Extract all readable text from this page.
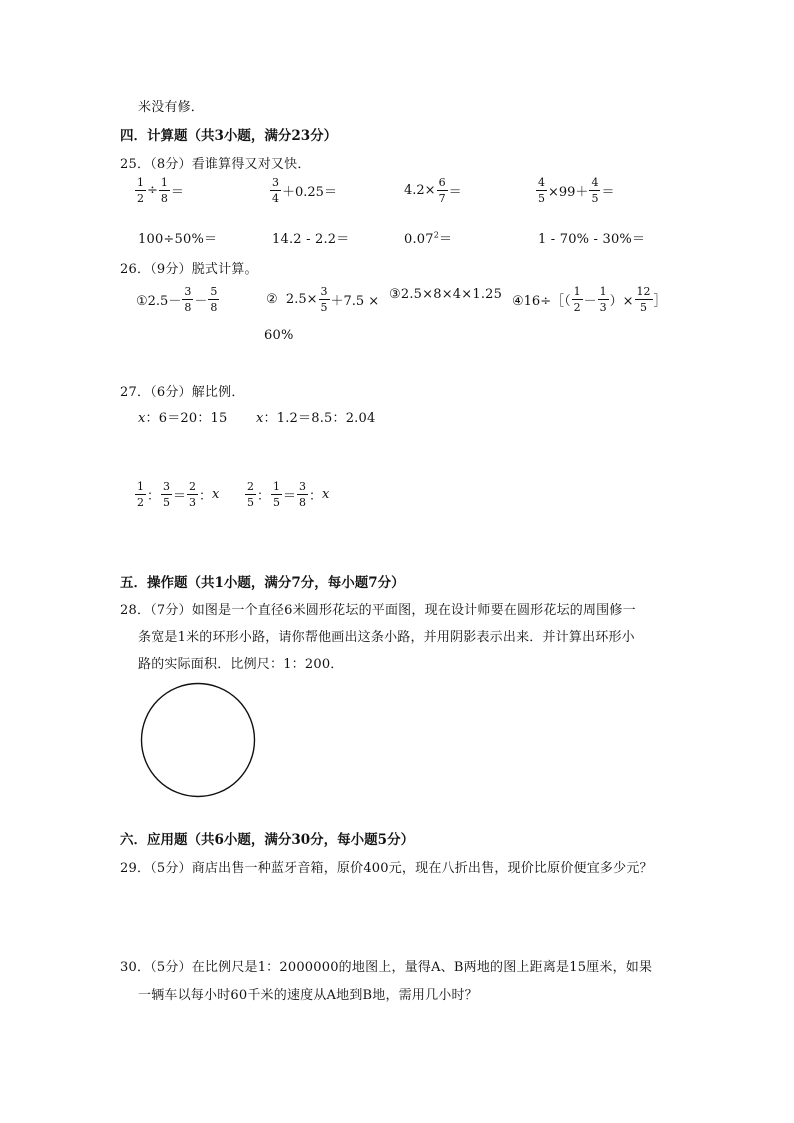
米没有修．
四．计算题（共3小题，满分23分）
25．（8分）看谁算得又对又快．
$\frac{1}{2} \div \frac{1}{8}$ ＝	$\frac{3}{4} +0.25=$	$4.2\times \frac{6}{7}$ ＝	$\frac{4}{5} \times 99+ \frac{4}{5}$ ＝
100÷50%＝	14.2 - 2.2＝	$0.07^2=$	1 - 70% - 30%＝
26．（9分）脱式计算。
①2.5－ $\frac{3}{8} - \frac{5}{8}$	②  $2.5\times \frac{3}{5} +7.5$ ×
60%
③2.5×8×4×1.25 ④16÷［（ $\frac{1}{2} - \frac{1}{3}$ ）× $\frac{12}{5}$ ］
27．（6分）解比例．
x：6＝20：15 x：1.2＝8.5：2.04
$\frac{1}{2}$ ： $\frac{3}{5} = \frac{2}{3}$ ： x $\frac{2}{5}$ ： $\frac{1}{5} = \frac{3}{8}$ ： x
五．操作题（共1小题，满分7分，每小题7分）
28．（7分）如图是一个直径6米圆形花坛的平面图，现在设计师要在圆形花坛的周围修一
条宽是1米的环形小路，请你帮他画出这条小路，并用阴影表示出来．并计算出环形小
路的实际面积．比例尺：1：200．
六．应用题（共6小题，满分30分，每小题5分）
29．（5分）商店出售一种蓝牙音箱，原价400元，现在八折出售，现价比原价便宜多少元？
30．（5分）在比例尺是1：2000000的地图上，量得A、B两地的图上距离是15厘米，如果
一辆车以每小时60千米的速度从A地到B地，需用几小时？
